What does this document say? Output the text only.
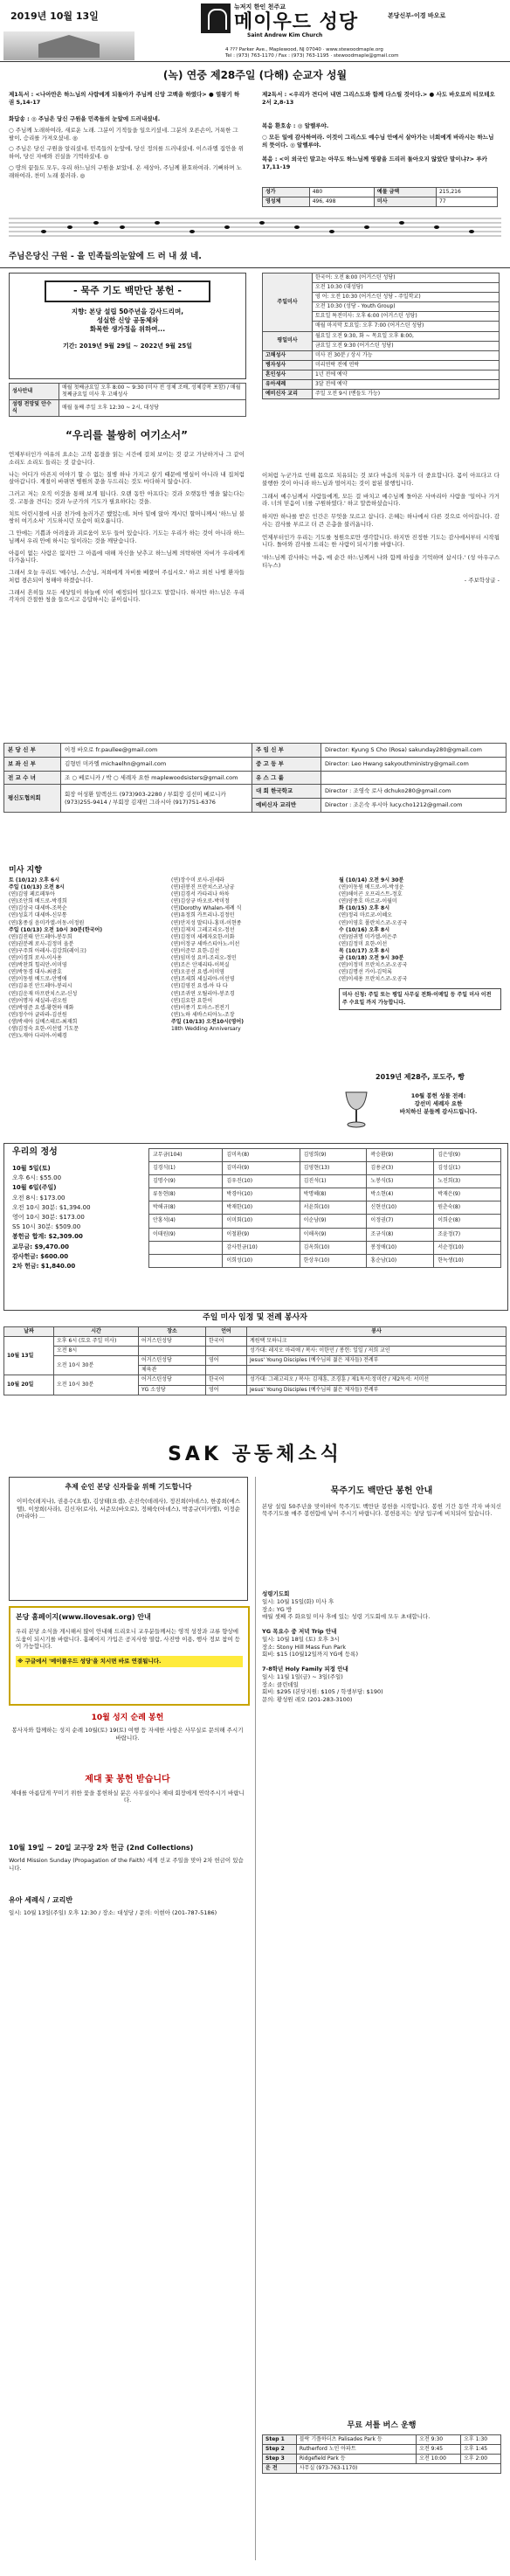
2019년 10월 13일
뉴저지 한인 천주교
메이우드 성당
Saint Andrew Kim Church
본당신부-이경 바오로
4 ??? Parker Ave., Maplewood, NJ 07040 · www.stewoodmaple.org
Tel : (973) 763-1170 / Fax : (973) 763-1195 · stewoodmaple@gmail.com
(녹) 연중 제28주일 (다해) 순교자 성월
제1독서 : <나아만은 하느님의 사람에게 되돌아가 주님께 신앙 고백을 하였다> ● 열왕기 하권 5,14-17
제2독서 : <우리가 견디어 내면 그리스도와 함께 다스릴 것이다.> ● 사도 바오로의 티모테오 2서 2,8-13
화답송 : ◎ 주님은 당신 구원을 민족들의 눈앞에 드러내셨네.
○ 주님께 노래하여라, 새로운 노래. 그분이 기적들을 일으키셨네. 그분의 오른손이, 거룩한 그 팔이, 승리를 가져오셨네. ◎
○ 주님은 당신 구원을 알리셨네. 민족들의 눈앞에, 당신 정의를 드러내셨네. 이스라엘 집안을 위하여, 당신 자애와 진실을 기억하셨네. ◎
○ 땅의 끝들도 모두, 우리 하느님의 구원을 보았네. 온 세상아, 주님께 환호하여라. 기뻐하며 노래하여라, 찬미 노래 불러라. ◎
복음 환호송 : ◎ 알렐루야.
○ 모든 일에 감사하여라. 이것이 그리스도 예수님 안에서 살아가는 너희에게 바라시는 하느님의 뜻이다. ◎ 알렐루야.
복음 : <이 외국인 말고는 아무도 하느님께 영광을 드리러 돌아오지 않았단 말이냐?> 루카 17,11-19
성가	480	예물 금액	215,216
영성체	496, 498	미사	77
주님은당신 구원 - 을 민족들의눈앞에 드 러 내 셨 네.
- 묵주 기도 백만단 봉헌 -
지향: 본당 설립 50주년을 감사드리며,
성실한 신앙 공동체와
화목한 생가정을 위하여...
기간: 2019년 9월 29일 ~ 2022년 9월 25일
성사안내	매월 첫째금요일 오후 8:00 ~ 9:30 (미사 전 성체 조배, 성체강복 포함) / 매월 첫째금요일 미사 후 고해성사
성령 전망및 안수식	매월 둘째 주일 오후 12:30 ~ 2시, 대성당
주일미사	한국어: 오전 8:00 (어거스틴 성당)
	오전 10:30 (대성당)
	영 어: 오전 10:30 (어거스틴 성당 - 주일학교)
	오전 10:30 (성당 - Youth Group)
	토요일 특전미사: 오후 6:00 (어거스틴 성당)
	매월 마지막 토요일: 오후 7:00 (어거스틴 성당)
평일미사	월요일 오전 9:30, 화 ~ 목요일 오후 8:00,
	금요일 오전 9:30 (어거스틴 성당)
고해성사	미사 전 30분 / 상시 가능
병자성사	미리연락 전에 연락
혼인성사	1년 전에 예약
유아세례	3달 전에 예약
예비신자 교리	주일 오전 9시 (멘들도 가능)
“우리를 불쌍히 여기소서”

언제부터인가 여유의 요소는 고작 몸결을 읽는 시간에 걸쳐 보이는 것 같고 가난하거나 그 같이 소리도 소리도 들리는 것 같습니다.

나는 어디가 아픈지 이야기 할 수 없는 질병 하나 가지고 살기 때문에 병실이 아니라 내 집처럼 살아갑니다. 계절이 바뀌면 병원의 문을 두드리는 것도 마다하지 않습니다.

그러고 저는 오직 이것을 통해 보게 됩니다. 오랜 동안 아프다는 것과 오랫동안 병을 앓는다는 것. 고통을 견디는 것과 누군가의 기도가 필요하다는 것을.

치트 어린시절에 시골 친가에 놀러가곤 했었는데, 처마 밑에 앉아 계시던 할머니께서 '하느님 불쌍히 여기소서' 기도하시던 모습이 떠오릅니다.

그 안에는 기쁨과 어려움과 괴로움이 모두 들어 있습니다. 기도는 우리가 하는 것이 아니라 하느님께서 우리 안에 하시는 일이라는 것을 깨닫습니다.

아픔이 없는 사람은 없지만 그 아픔에 대해 자신을 낮추고 하느님께 의탁하면 자비가 우리에게 다가옵니다.

그래서 오늘 우리도 '예수님, 스승님, 저희에게 자비를 베풀어 주십시오.' 하고 외친 나병 환자들처럼 겸손되이 청해야 하겠습니다.

그래서 흔히들 모든 세상일이 하늘에 이미 예정되어 있다고도 말합니다. 하지만 하느님은 우리 각자의 간절한 청을 들으시고 응답하시는 분이십니다.

이처럼 누군가로 인해 몸으로 치유되는 것 보다 마음의 치유가 더 중요합니다. 몸이 아프다고 다 불행한 것이 아니라 하느님과 멀어지는 것이 참된 불행입니다.

그래서 예수님께서 사람들에게, 모든 걸 바치고 예수님께 돌아온 사마리아 사람을 '일어나 가거라. 너의 믿음이 너를 구원하였다.' 하고 말씀하셨습니다.

하지만 하나를 받은 인간은 무엇을 모르고 삽니다. 은혜는 하나에서 다른 것으로 이어집니다. 감사는 감사를 부르고 더 큰 은총을 불러옵니다.

언제부터인가 우리는 기도를 청원으로만 생각합니다. 하지만 진정한 기도는 감사에서부터 시작됩니다. 돌아와 감사를 드리는 한 사람이 되시기를 바랍니다.

'하느님께 감사하는 마음, 매 순간 하느님께서 나와 함께 하심을 기억하며 삽시다.' (성 아우구스티누스)

- 주보학상글 -

본 당 신 부	이경 바오로 fr.paullee@gmail.com	주 임 신 부	Director: Kyung S Cho (Rosa) sakunday280@gmail.com
보 좌 신 부	김형빈 미카엘 michaelhn@gmail.com	중 고 등 부	Director: Leo Hwang sakyouthministry@gmail.com
전 교 수 녀	조 ○ 베로니카 / 박 ○ 세례자 요한 maplewoodsisters@gmail.com	유 스 그 룹	
평신도협의회	회장 어성환 알렉산드 (973)903-2280 / 부회장 김선미 베로니카 (973)255-9414 / 부회장 김재민 그라시아 (917)751-6376	대 회 한국학교	Director : 조영숙 로사 dchuko280@gmail.com
		예비신자 교리반	Director : 조은숙 루시아 lucy.cho1212@gmail.com
미사 지향
토 (10/12) 오후 6시
주일 (10/13) 오전 8시
(연)김영 페르페투아
(연)조안희 베드로-박경희
(연)김상국 대세바-조복순
(연)성효기 대세바-신부통
(연)홍종심 음미카엘-이동-이정원
주일 (10/13) 오전 10시 30분(한국어)
(연)김진태 안드레아-봉두희
(연)권분례 로사-김정미 올분
(연)구주희 아레사-김강희(레이크)
(연)이경희 로사-이사용
(연)박찬희 힐리안-이미영
(연)박동경 대사-최광호
(연)이동원 베드로-안병애
(연)김유진 안드레아-봉리시
(연)김운재 마프란치스코-신성
(연)어명자 세실라-권오원
(연)박영준 요셉-황현하 매화
(연)정수아 글라라-김선원
(생)박세아 실베스테르-최재희
(생)김정숙 요한-이선엽 기도문
(연)노재아 다리아-이혜경
(연)장수미 로사-권세라
(연)권봉진 프란치스코-남궁
(연)김경서 카타리나 하차
(연)김상규 바오로-박미정
(연)Dorothy Whalen-세례 식
(연)유정희 카트리나-김정민
(연)안지성 말티나-홍미-이현종
(연)김제지 그레고리오-정선
(연)김정미 세례자요한-이화
(연)이정규 세바스티아노-이선
(연)이준무 요한-김선
(연)임미성 요비-조리오-정민
(연)조은 안제리타-이복실
(연)오공선 요셉-이미영
(연)조세희 세실리아-이선영
(연)김영진 요셉-아 다 다
(연)조귀연 오틸리아-봉조경
(연)김요한 요한이
(연)이종기 토마스-전전기
(연)노하 세바스티아노-조장
주일 (10/13) 오전10시(영어)
18th Wedding Anniversary
월 (10/14) 오전 9시 30분
(연)이동원 베드로-이-박성운
(연)해이곤 오프리스트-정호
(연)양종호 마르코-이월미
화 (10/15) 오후 8시
(연)정리 마르코-이혜오
(연)이영호 폴란치스코-오공국
수 (10/16) 오후 8시
(연)엄귀명 미카엘-이은주
(연)김정미 요한-이선
목 (10/17) 오후 8시
금 (10/18) 오전 9시 30분
(연)이정미 프란치스코-오공국
(연)김명선 카이-김덕록
(연)이세용 프란치스코-오공국
미사 신청: 주일 또는 평일 사무실 전화·이메일 등 주일 미사 이전 주 수요일 까지 가능합니다.
2019년 제28주, 포도주, 빵
10월 봉헌 성물 전례:
강선미 세례자 요한
바치하신 분들께 감사드립니다.
우리의 정성
10월 5일(토)
오후 6시: $55.00
10월 6일(주일)
오전 8시: $173.00
오전 10시 30분: $1,394.00
영어 10시 30분: $173.00
SS 10시 30분: $509.00
봉헌금 합계: $2,309.00
교무금: $9,470.00
감사헌금: $600.00
2차 헌금: $1,840.00
교무금(104)	김미옥(8)	김영희(9)	곽승환(9)	김은영(9)
김경식(1)	김미라(9)	김영현(13)	김용균(3)	김성실(1)
김명수(9)	김우진(10)	김진석(1)	노봉식(5)	노진희(3)
류동현(8)	박경아(10)	박명혜(8)	박소현(4)	박재은(9)
박해규(8)	박재한(10)	서윤희(10)	신현선(10)	원춘숙(8)
안홍석(4)	이미회(10)	이순남(9)	이정권(7)	이희순(8)
이태원(9)	이철환(9)	이해옥(9)	조규식(8)	조윤정(7)
	감사헌금(10)	김옥희(10)	봉정애(10)	서순정(10)
	이희성(10)	한상우(10)	홍순남(10)	한녹생(10)
주일 미사 임정 및 전례 봉사자
날짜	시간	장소	언어	봉사
10월 13일	오후 6시 (토요 주일 미사)	어거스틴성당	한국어	계원택 모하니크
	오전 8시			성가대: 레지오 마리애 / 복사: 이한민 / 봉헌: 일일 / 저희 교인
	오전 10시 30분	어거스틴성당	영어	Jesus' Young Disciples (예수님의 젊은 제자들) 전례부
		체육관		
10월 20일	오전 10시 30분	어거스틴성당	한국어	성가대: 그레고리오 / 복사: 김재훈, 조경훈 / 제1독서:정미란 / 제2독서: 서미선
		YG 소성당	영어	Jesus' Young Disciples (예수님의 젊은 제자들) 전례부
SAK 공동체소식
추제 순인 본당 신자들을 위해 기도합니다
이미숙(레지나), 권용수(요셉), 김상태(요셉), 손진숙(데레사), 정진희(아녜스), 한종희(에스텔), 이창희(사라), 김신자(로사), 서준모(바오로), 정혜숙(아녜스), 박종규(미카엘), 이정순(마리아) ...
본당 홈페이지(www.ilovesak.org) 안내
우리 본당 소식을 게시해서 많이 안내해 드리오니 교우분들께서는 영적 성장과 교류 향상에 도움이 되시기를 바랍니다. 홈페이지 가입은 공지사항 열람, 사진방 이용, 행사 정보 참여 등이 가능합니다.
※ 구글에서 '메이플우드 성당'을 치시면 바로 연결됩니다.
10월 성지 순례 봉헌
봉사자와 함께하는 성지 순례 10월(토) 19(토) 여행 등 자세한 사항은 사무실로 문의해 주시기 바랍니다.
제대 꽃 봉헌 받습니다
제대를 아름답게 꾸미기 위한 꽃을 봉헌하실 분은 사무실이나 제대 회장에게 연락주시기 바랍니다.
10월 19일 ~ 20일 교구장 2차 헌금 (2nd Collections)
World Mission Sunday (Propagation of the Faith) 세계 선교 주일을 맞아 2차 헌금이 있습니다.
유아 세례식 / 교리반
일시: 10월 13일(주일) 오후 12:30 / 장소: 대성당 / 문의: 이현아 (201-787-5186)
묵주기도 백만단 봉헌 안내
본당 설립 50주년을 맞이하여 묵주기도 백만단 봉헌을 시작합니다. 봉헌 기간 동안 각자 바치신 묵주기도를 매주 봉헌함에 넣어 주시기 바랍니다. 봉헌용지는 성당 입구에 비치되어 있습니다.
성령기도회
일시: 10월 15일(화) 미사 후
장소: YG 방
매월 셋째 주 화요일 미사 후에 있는 성령 기도회에 모두 초대합니다.
YG 목요수 중 저녁 Trip 안내
일시: 10월 18일 (토) 오후 3시
장소: Stony Hill Mass Fun Park
회비: $15 (10월12일까지 YG에 등록)
7-8학년 Holy Family 피정 안내
일시: 11월 1일(금) ~ 3일(주일)
장소: 클린데일
회비: $295 (본당지원: $105 / 학생부담: $190)
문의: 황성원 레오 (201-283-3100)
무료 셔틀 버스 운행
Step 1	블락 기플하더츠 Palisades Park 등	오전 9:30	오후 1:30
Step 2	Rutherford 노인 아파트	오전 9:45	오후 1:45
Step 3	Ridgefield Park 등	오전 10:00	오후 2:00
운 전	사무실 (973-763-1170)		
